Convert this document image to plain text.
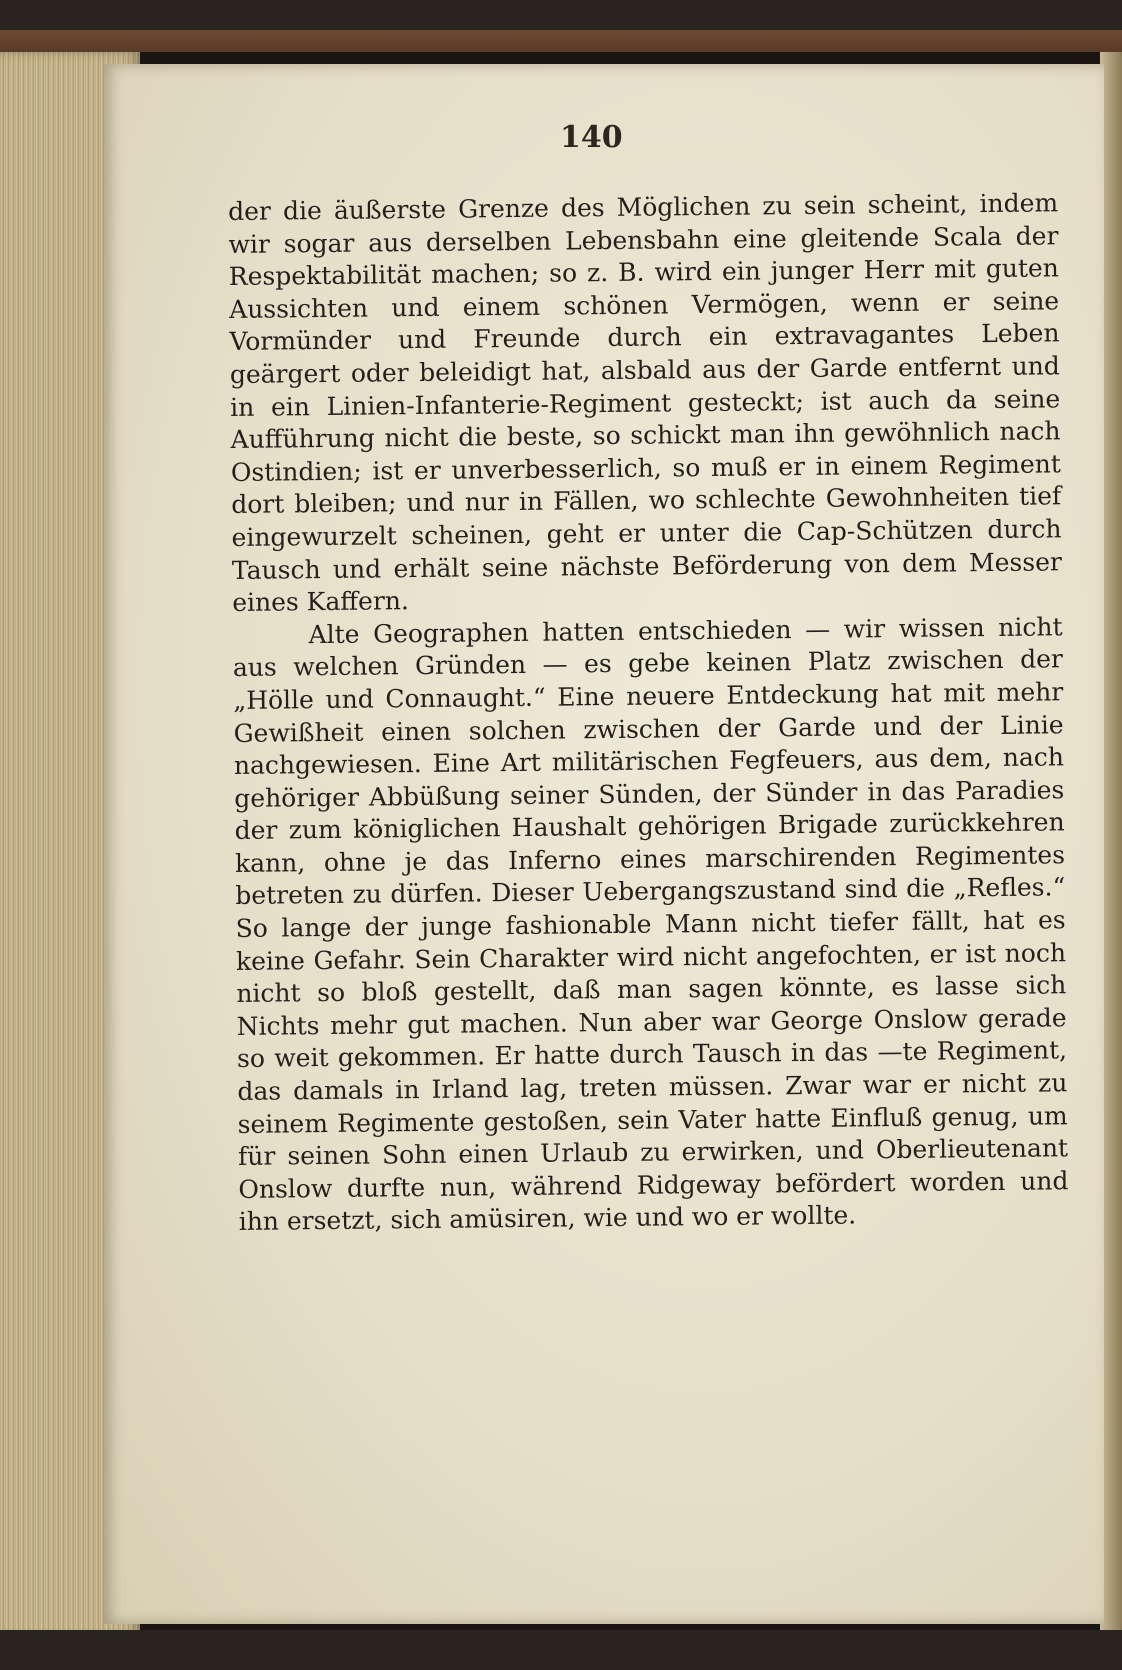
140

der die äußerste Grenze des Möglichen zu sein scheint, indem wir sogar aus derselben Lebensbahn eine gleitende Scala der Respektabilität machen; so z. B. wird ein junger Herr mit guten Aussichten und einem schönen Vermögen, wenn er seine Vormünder und Freunde durch ein extravagantes Leben geärgert oder beleidigt hat, alsbald aus der Garde entfernt und in ein Linien-Infanterie-Regiment gesteckt; ist auch da seine Aufführung nicht die beste, so schickt man ihn gewöhnlich nach Ostindien; ist er unverbesserlich, so muß er in einem Regiment dort bleiben; und nur in Fällen, wo schlechte Gewohnheiten tief eingewurzelt scheinen, geht er unter die Cap-Schützen durch Tausch und erhält seine nächste Beförderung von dem Messer eines Kaffern.

Alte Geographen hatten entschieden — wir wissen nicht aus welchen Gründen — es gebe keinen Platz zwischen der „Hölle und Connaught.“ Eine neuere Entdeckung hat mit mehr Gewißheit einen solchen zwischen der Garde und der Linie nachgewiesen. Eine Art militärischen Fegfeuers, aus dem, nach gehöriger Abbüßung seiner Sünden, der Sünder in das Paradies der zum königlichen Haushalt gehörigen Brigade zurückkehren kann, ohne je das Inferno eines marschirenden Regimentes betreten zu dürfen. Dieser Uebergangszustand sind die „Refles.“ So lange der junge fashionable Mann nicht tiefer fällt, hat es keine Gefahr. Sein Charakter wird nicht angefochten, er ist noch nicht so bloß gestellt, daß man sagen könnte, es lasse sich Nichts mehr gut machen. Nun aber war George Onslow gerade so weit gekommen. Er hatte durch Tausch in das —te Regiment, das damals in Irland lag, treten müssen. Zwar war er nicht zu seinem Regimente gestoßen, sein Vater hatte Einfluß genug, um für seinen Sohn einen Urlaub zu erwirken, und Oberlieutenant Onslow durfte nun, während Ridgeway befördert worden und ihn ersetzt, sich amüsiren, wie und wo er wollte.
